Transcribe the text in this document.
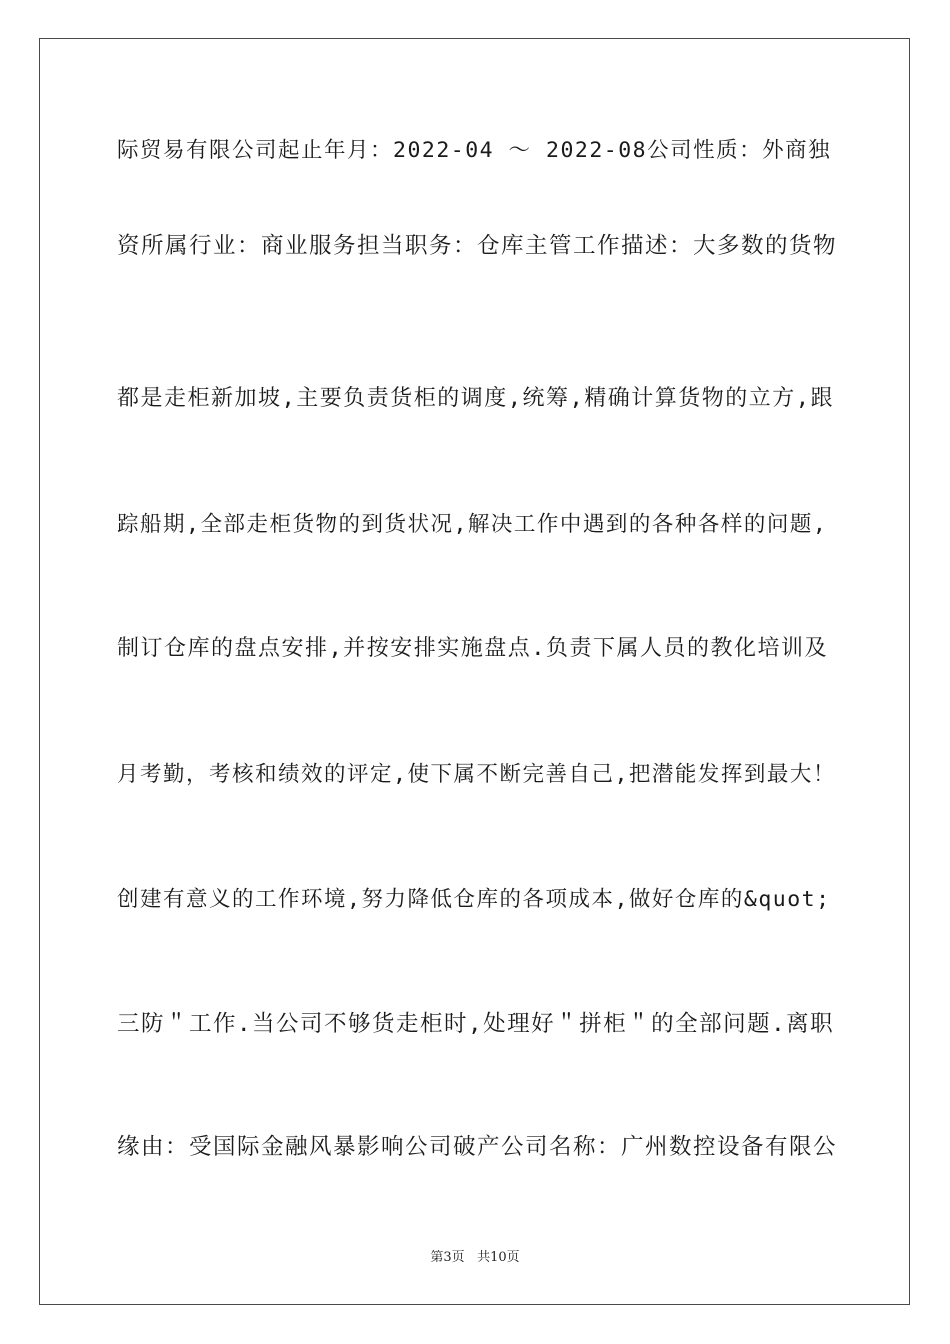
际贸易有限公司起止年月：2022-04 ～ 2022-08公司性质：外商独
资所属行业：商业服务担当职务：仓库主管工作描述：大多数的货物
都是走柜新加坡,主要负责货柜的调度,统筹,精确计算货物的立方,跟
踪船期,全部走柜货物的到货状况,解决工作中遇到的各种各样的问题,
制订仓库的盘点安排,并按安排实施盘点.负责下属人员的教化培训及
月考勤，考核和绩效的评定,使下属不断完善自己,把潜能发挥到最大！
创建有意义的工作环境,努力降低仓库的各项成本,做好仓库的&quot;
三防＂工作.当公司不够货走柜时,处理好＂拼柜＂的全部问题.离职
缘由：受国际金融风暴影响公司破产公司名称：广州数控设备有限公
第3页 共10页
